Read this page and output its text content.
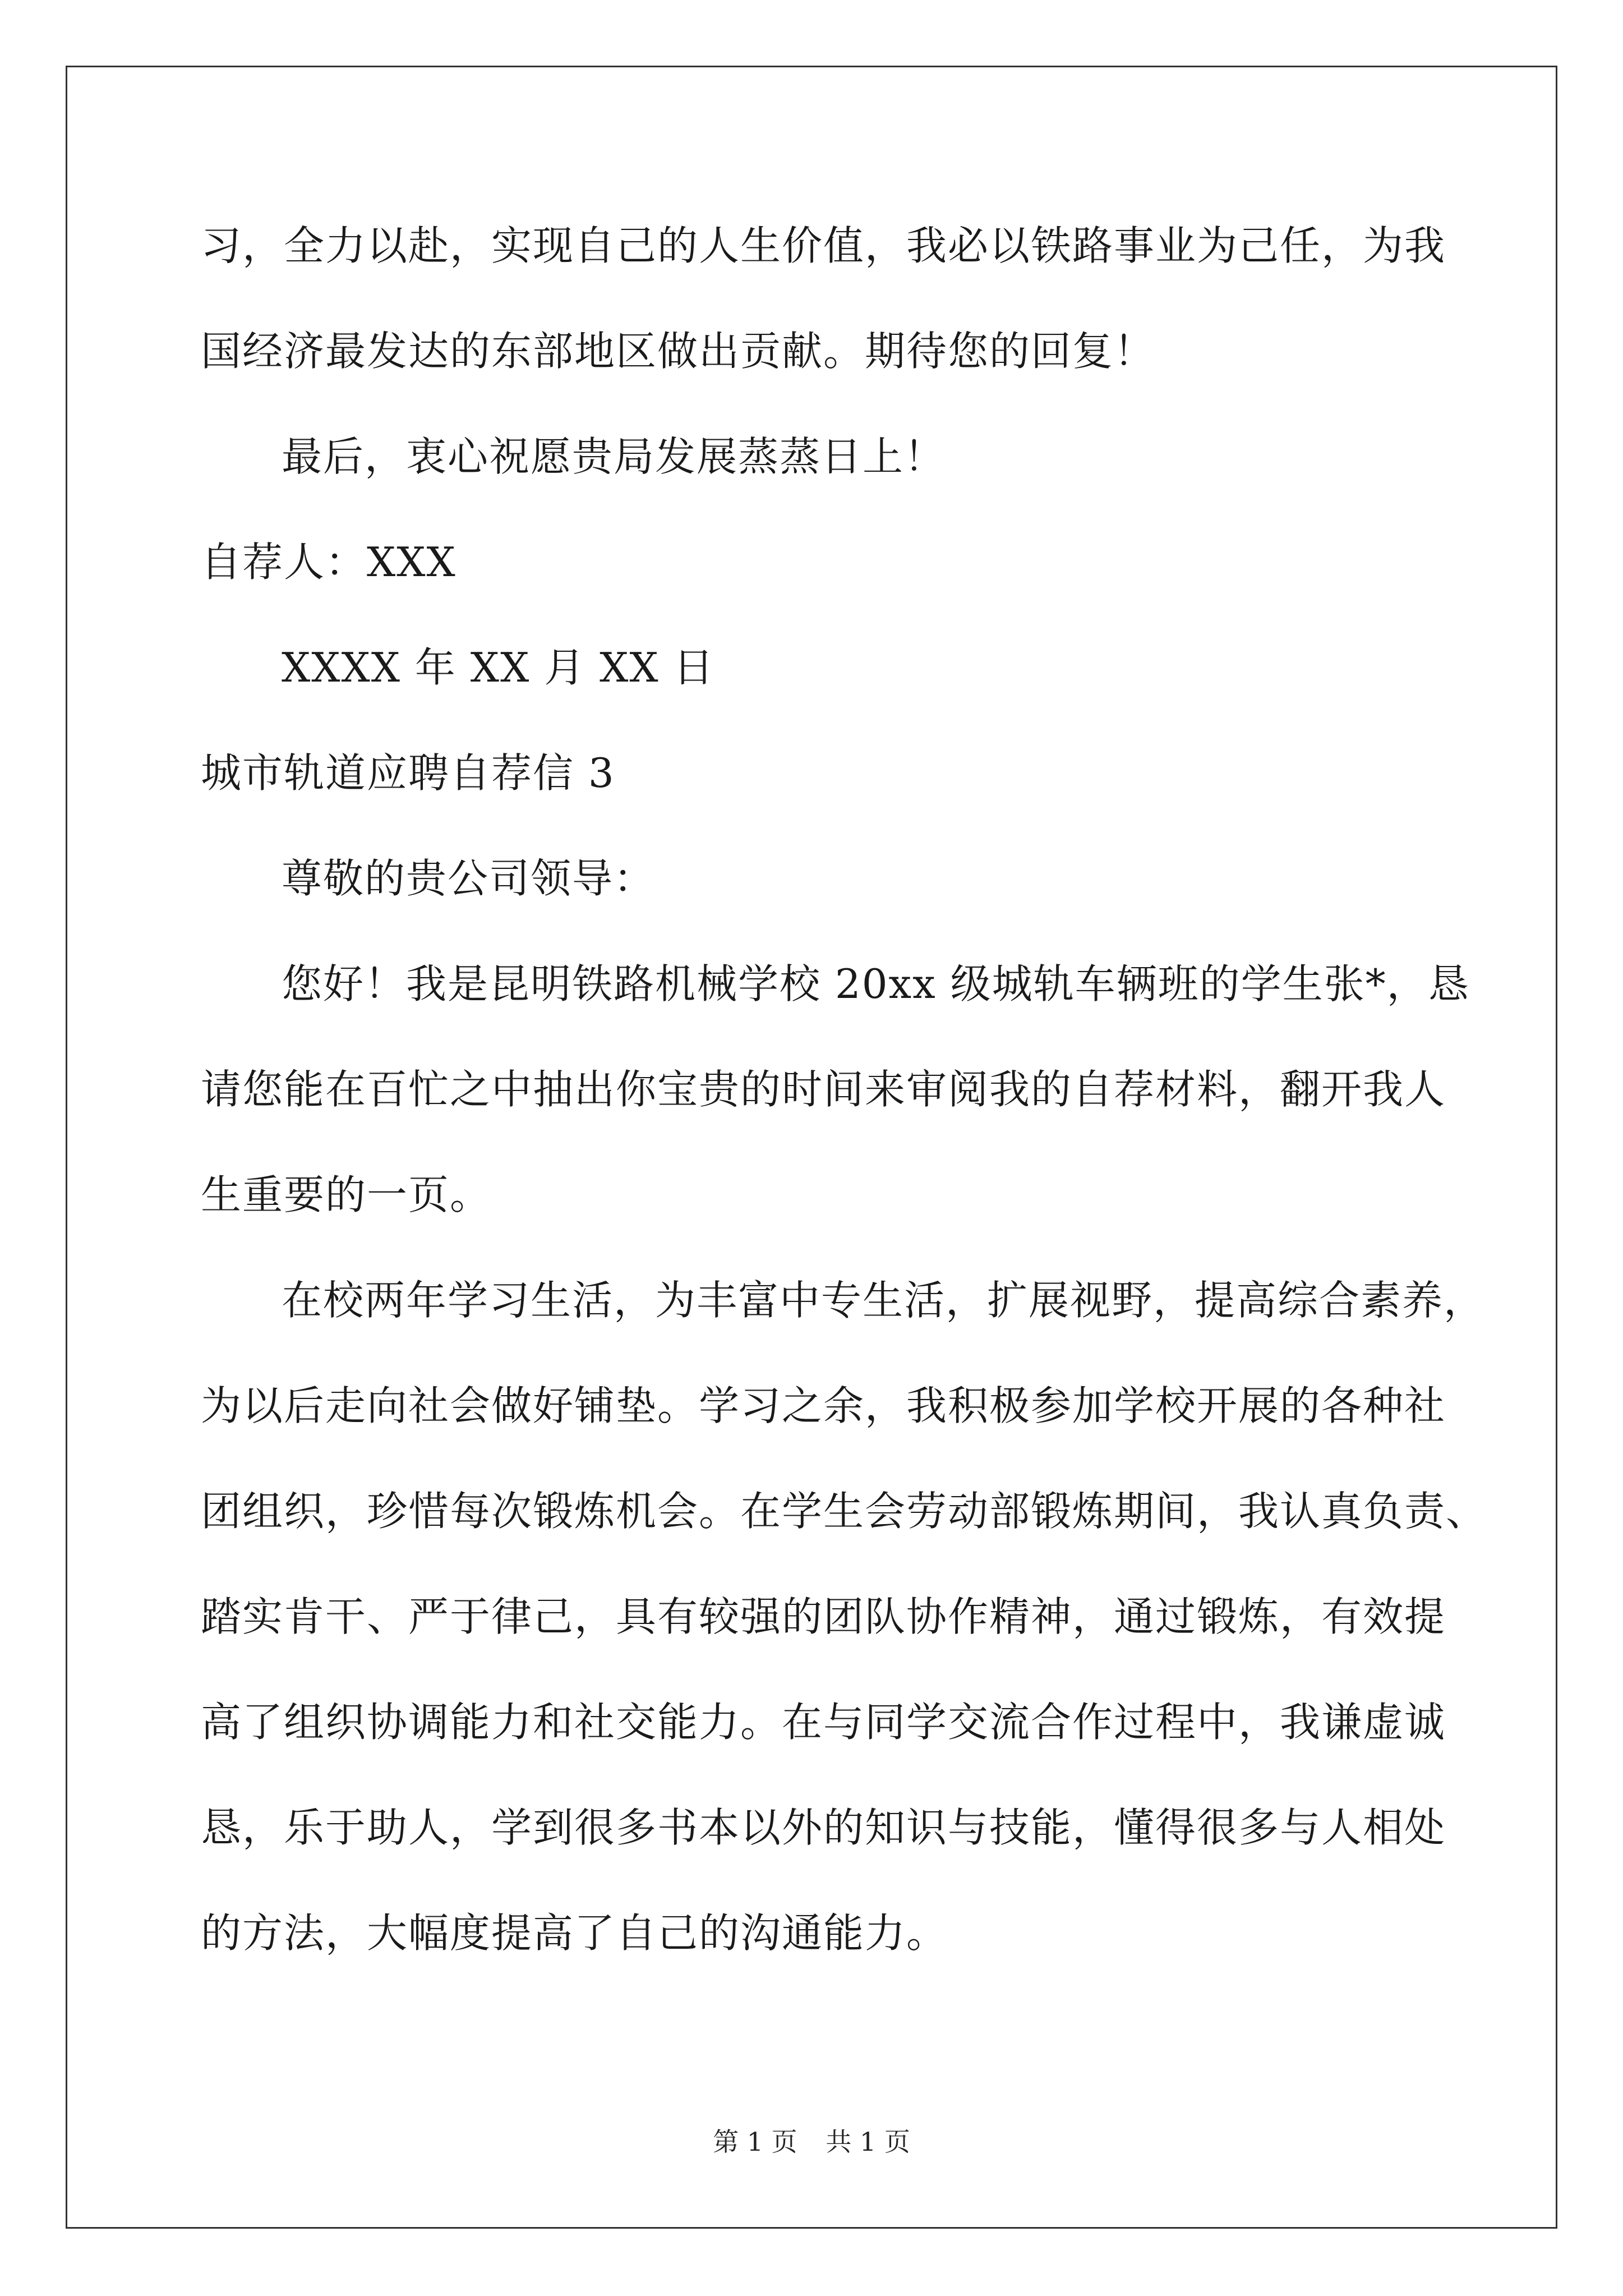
习，全力以赴，实现自己的人生价值，我必以铁路事业为己任，为我
国经济最发达的东部地区做出贡献。期待您的回复！
最后，衷心祝愿贵局发展蒸蒸日上！
自荐人：XXX
XXXX 年 XX 月 XX 日
城市轨道应聘自荐信 3
尊敬的贵公司领导：
您好！我是昆明铁路机械学校 20xx 级城轨车辆班的学生张*，恳
请您能在百忙之中抽出你宝贵的时间来审阅我的自荐材料，翻开我人
生重要的一页。
在校两年学习生活，为丰富中专生活，扩展视野，提高综合素养，
为以后走向社会做好铺垫。学习之余，我积极参加学校开展的各种社
团组织，珍惜每次锻炼机会。在学生会劳动部锻炼期间，我认真负责、
踏实肯干、严于律己，具有较强的团队协作精神，通过锻炼，有效提
高了组织协调能力和社交能力。在与同学交流合作过程中，我谦虚诚
恳，乐于助人，学到很多书本以外的知识与技能，懂得很多与人相处
的方法，大幅度提高了自己的沟通能力。
第 1 页 共 1 页
